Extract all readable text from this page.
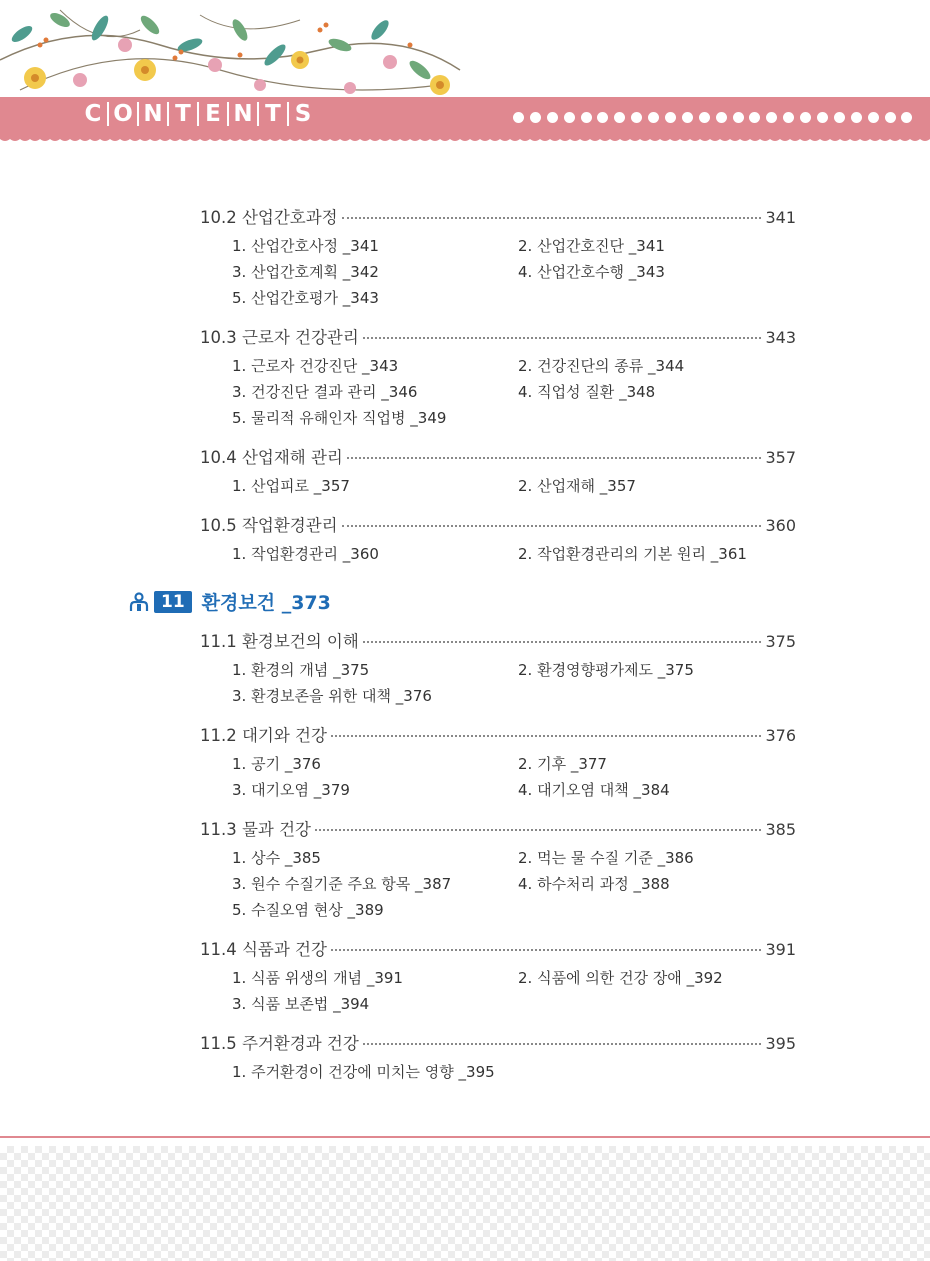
C O N T E N T S
10.2 산업간호과정	341
1. 산업간호사정 _341	2. 산업간호진단 _341
3. 산업간호계획 _342	4. 산업간호수행 _343
5. 산업간호평가 _343
10.3 근로자 건강관리	343
1. 근로자 건강진단 _343	2. 건강진단의 종류 _344
3. 건강진단 결과 관리 _346	4. 직업성 질환 _348
5. 물리적 유해인자 직업병 _349
10.4 산업재해 관리	357
1. 산업피로 _357	2. 산업재해 _357
10.5 작업환경관리	360
1. 작업환경관리 _360	2. 작업환경관리의 기본 원리 _361
11 환경보건 _373
11.1 환경보건의 이해	375
1. 환경의 개념 _375	2. 환경영향평가제도 _375
3. 환경보존을 위한 대책 _376
11.2 대기와 건강	376
1. 공기 _376	2. 기후 _377
3. 대기오염 _379	4. 대기오염 대책 _384
11.3 물과 건강	385
1. 상수 _385	2. 먹는 물 수질 기준 _386
3. 원수 수질기준 주요 항목 _387	4. 하수처리 과정 _388
5. 수질오염 현상 _389
11.4 식품과 건강	391
1. 식품 위생의 개념 _391	2. 식품에 의한 건강 장애 _392
3. 식품 보존법 _394
11.5 주거환경과 건강	395
1. 주거환경이 건강에 미치는 영향 _395
